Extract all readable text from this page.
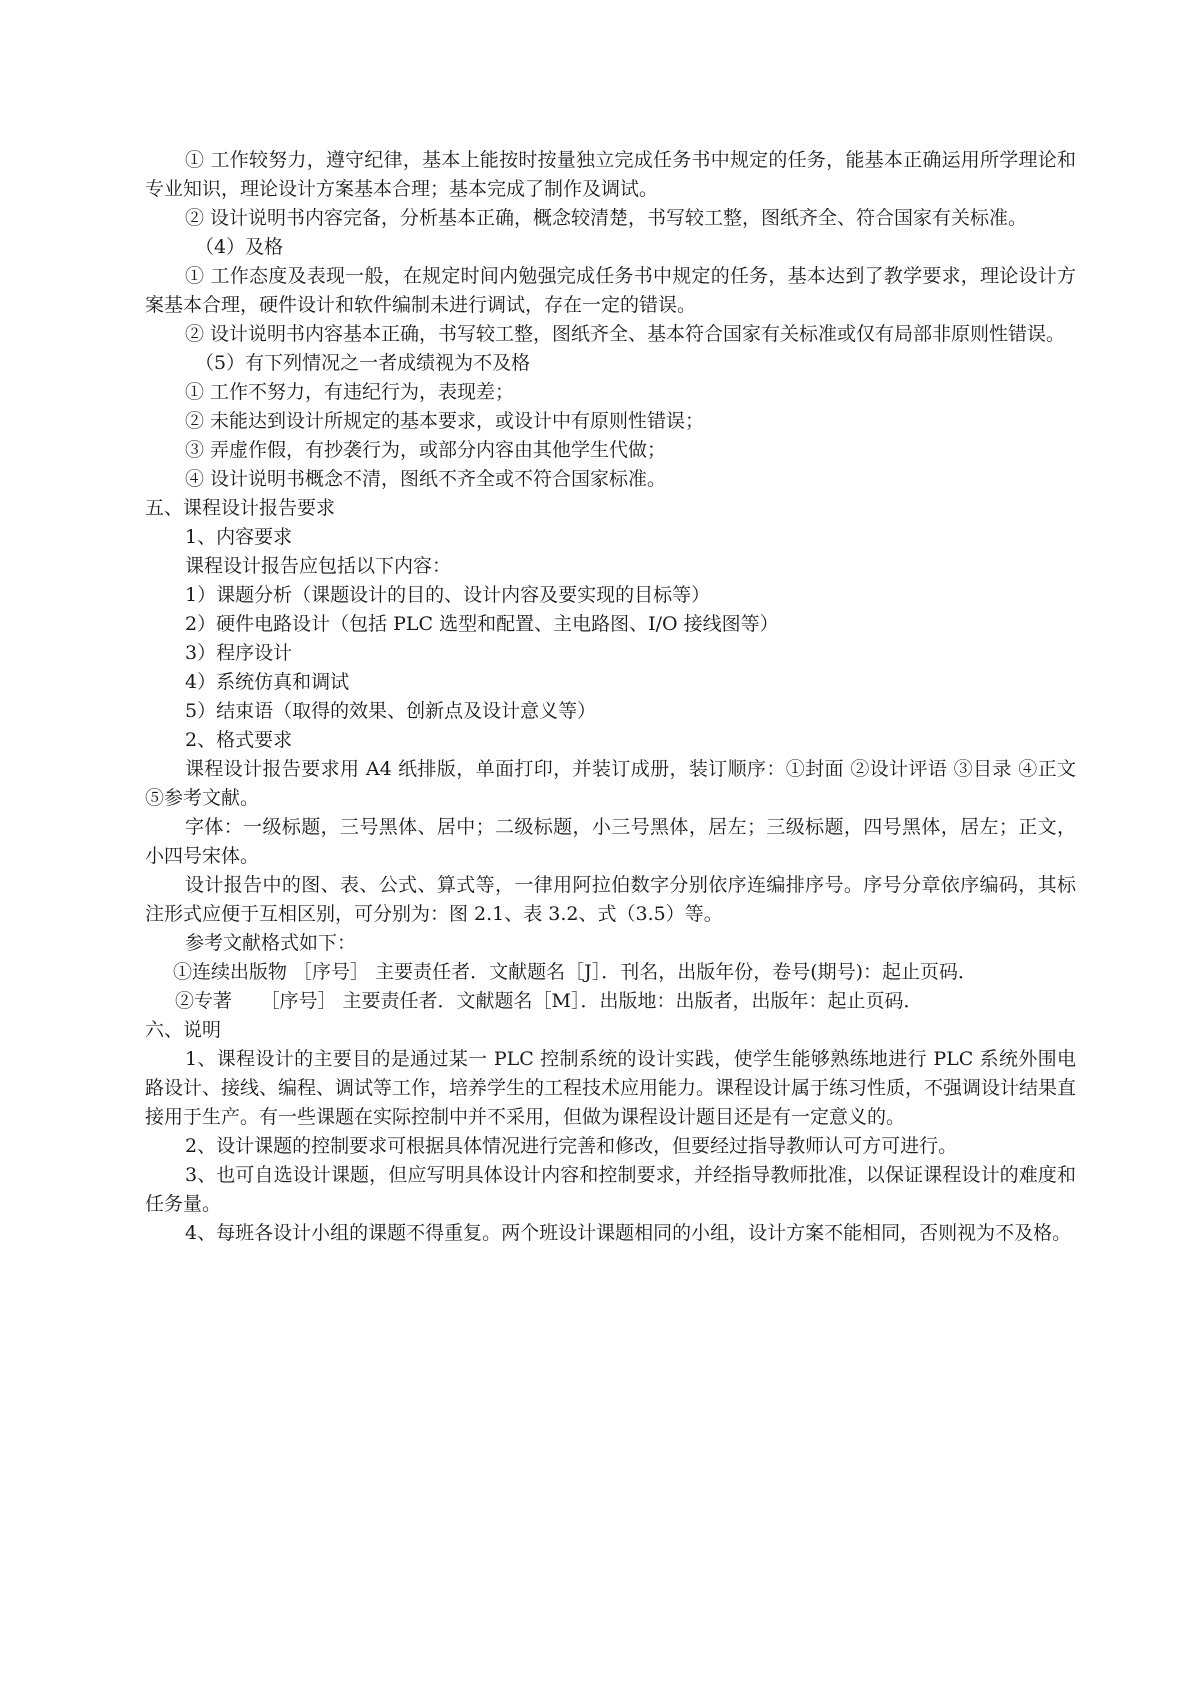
① 工作较努力，遵守纪律，基本上能按时按量独立完成任务书中规定的任务，能基本正确运用所学理论和专业知识，理论设计方案基本合理；基本完成了制作及调试。

② 设计说明书内容完备，分析基本正确，概念较清楚，书写较工整，图纸齐全、符合国家有关标准。

（4）及格

① 工作态度及表现一般，在规定时间内勉强完成任务书中规定的任务，基本达到了教学要求，理论设计方案基本合理，硬件设计和软件编制未进行调试，存在一定的错误。

② 设计说明书内容基本正确，书写较工整，图纸齐全、基本符合国家有关标准或仅有局部非原则性错误。

（5）有下列情况之一者成绩视为不及格

① 工作不努力，有违纪行为，表现差；

② 未能达到设计所规定的基本要求，或设计中有原则性错误；

③ 弄虚作假，有抄袭行为，或部分内容由其他学生代做；

④ 设计说明书概念不清，图纸不齐全或不符合国家标准。

五、课程设计报告要求

1、内容要求

课程设计报告应包括以下内容：

1）课题分析（课题设计的目的、设计内容及要实现的目标等）

2）硬件电路设计（包括 PLC 选型和配置、主电路图、I/O 接线图等）

3）程序设计

4）系统仿真和调试

5）结束语（取得的效果、创新点及设计意义等）

2、格式要求

课程设计报告要求用 A4 纸排版，单面打印，并装订成册，装订顺序：①封面 ②设计评语 ③目录 ④正文 ⑤参考文献。

字体：一级标题，三号黑体、居中；二级标题，小三号黑体，居左；三级标题，四号黑体，居左；正文，小四号宋体。

设计报告中的图、表、公式、算式等，一律用阿拉伯数字分别依序连编排序号。序号分章依序编码，其标注形式应便于互相区别，可分别为：图 2.1、表 3.2、式（3.5）等。

参考文献格式如下：

①连续出版物 ［序号］ 主要责任者．文献题名［J］．刊名，出版年份，卷号(期号)：起止页码．

②专著　　［序号］ 主要责任者．文献题名［M］．出版地：出版者，出版年：起止页码．

六、说明

1、课程设计的主要目的是通过某一 PLC 控制系统的设计实践，使学生能够熟练地进行 PLC 系统外围电路设计、接线、编程、调试等工作，培养学生的工程技术应用能力。课程设计属于练习性质，不强调设计结果直接用于生产。有一些课题在实际控制中并不采用，但做为课程设计题目还是有一定意义的。

2、设计课题的控制要求可根据具体情况进行完善和修改，但要经过指导教师认可方可进行。

3、也可自选设计课题，但应写明具体设计内容和控制要求，并经指导教师批准，以保证课程设计的难度和任务量。

4、每班各设计小组的课题不得重复。两个班设计课题相同的小组，设计方案不能相同，否则视为不及格。
